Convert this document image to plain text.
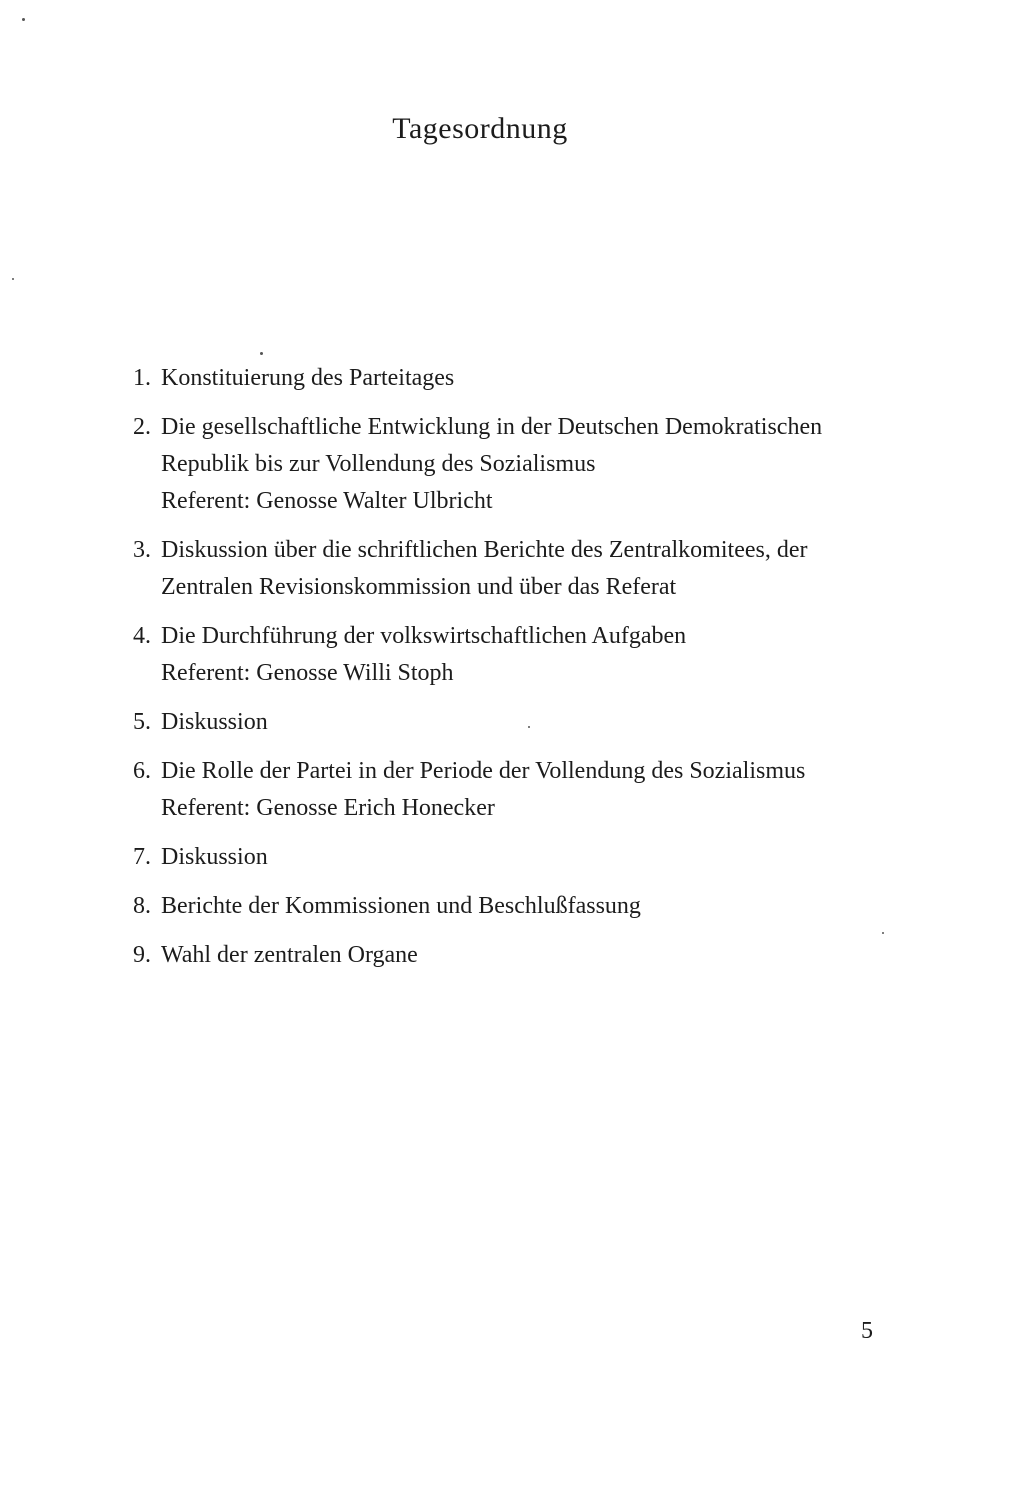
Tagesordnung
1. Konstituierung des Parteitages
2. Die gesellschaftliche Entwicklung in der Deutschen Demokratischen Republik bis zur Vollendung des Sozialismus
Referent: Genosse Walter Ulbricht
3. Diskussion über die schriftlichen Berichte des Zentralkomitees, der Zentralen Revisionskommission und über das Referat
4. Die Durchführung der volkswirtschaftlichen Aufgaben
Referent: Genosse Willi Stoph
5. Diskussion
6. Die Rolle der Partei in der Periode der Vollendung des Sozialismus
Referent: Genosse Erich Honecker
7. Diskussion
8. Berichte der Kommissionen und Beschlußfassung
9. Wahl der zentralen Organe
5
